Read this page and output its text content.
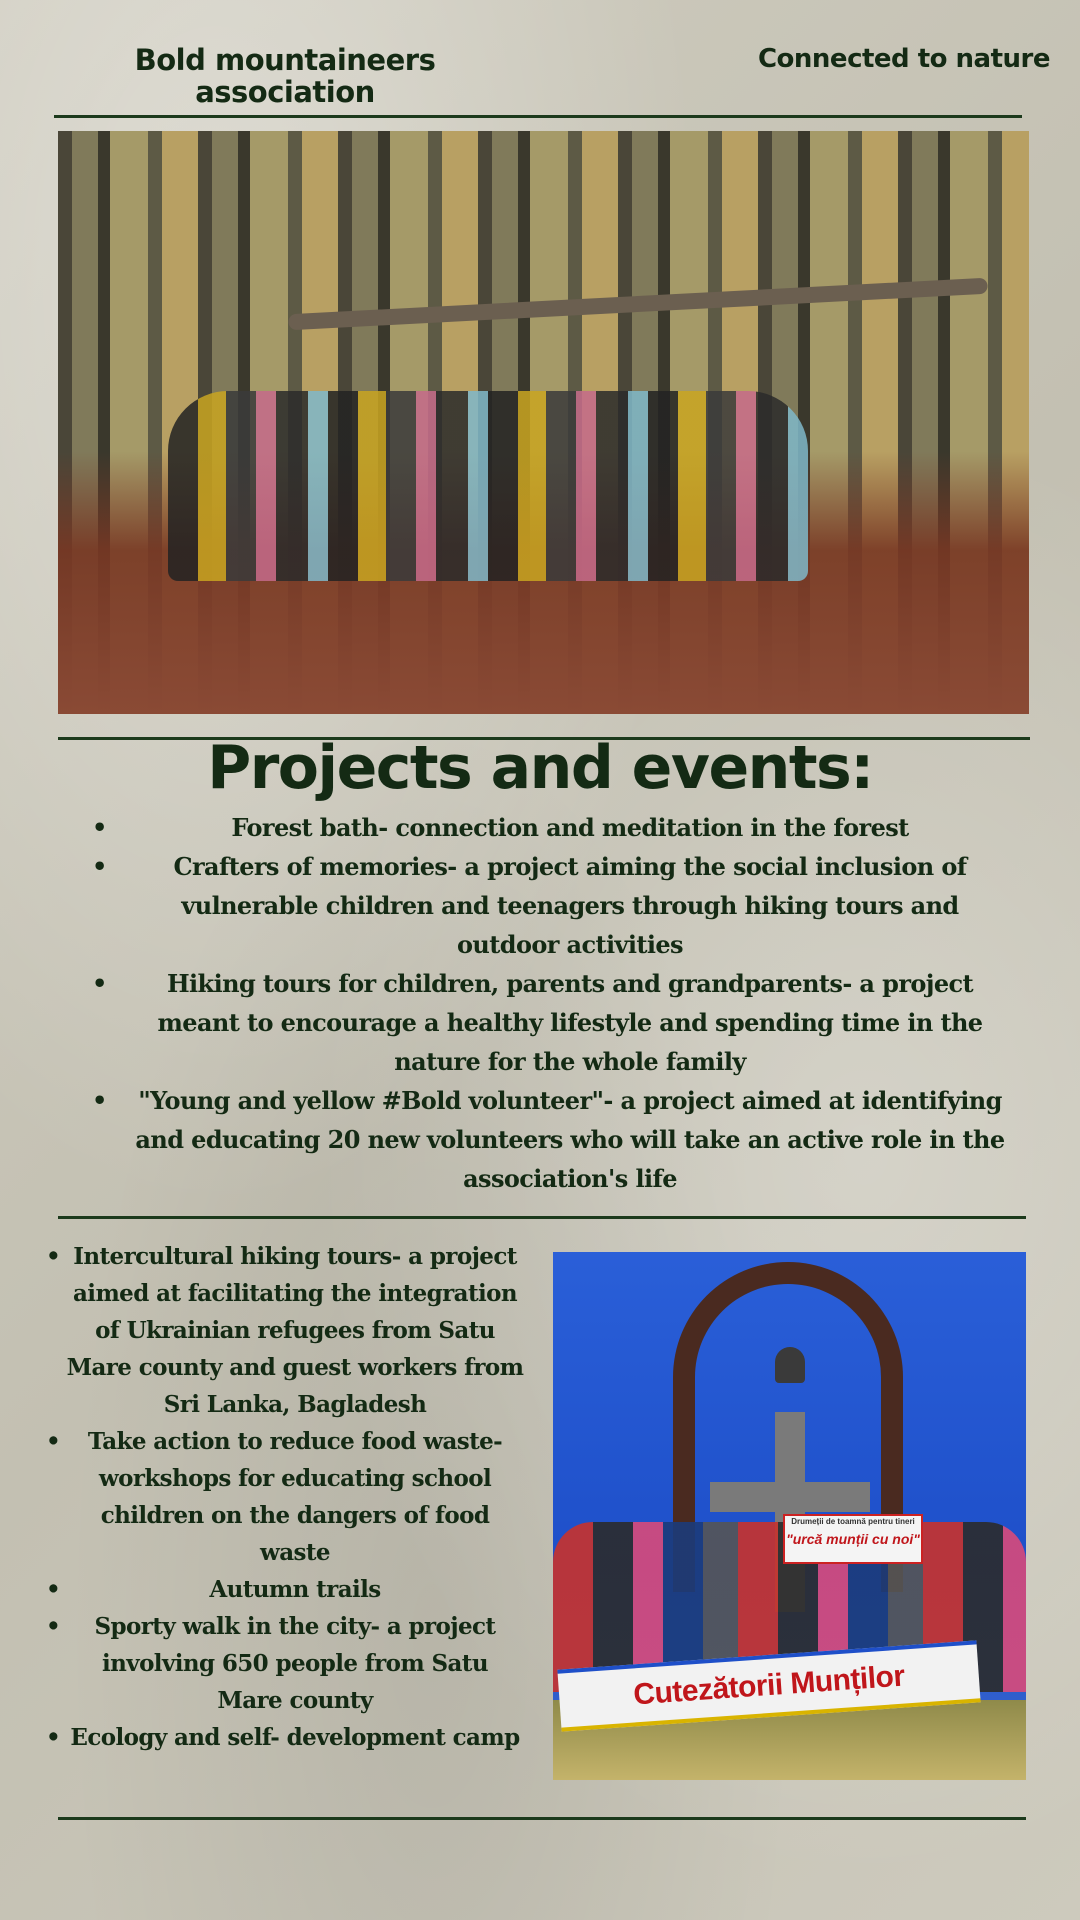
Bold mountaineers association
Connected to nature
Projects and events:
• Forest bath- connection and meditation in the forest
• Crafters of memories- a project aiming the social inclusion of vulnerable children and teenagers through hiking tours and outdoor activities
• Hiking tours for children, parents and grandparents- a project meant to encourage a healthy lifestyle and spending time in the nature for the whole family
• "Young and yellow #Bold volunteer"- a project aimed at identifying and educating 20 new volunteers who will take an active role in the association's life
• Intercultural hiking tours- a project aimed at facilitating the integration of Ukrainian refugees from Satu Mare county and guest workers from Sri Lanka, Bagladesh
• Take action to reduce food waste- workshops for educating school children on the dangers of food waste
• Autumn trails
• Sporty walk in the city- a project involving 650 people from Satu Mare county
• Ecology and self- development camp
Drumeții de toamnă pentru tineri
"urcă munții cu noi"
Cutezătorii Munților
